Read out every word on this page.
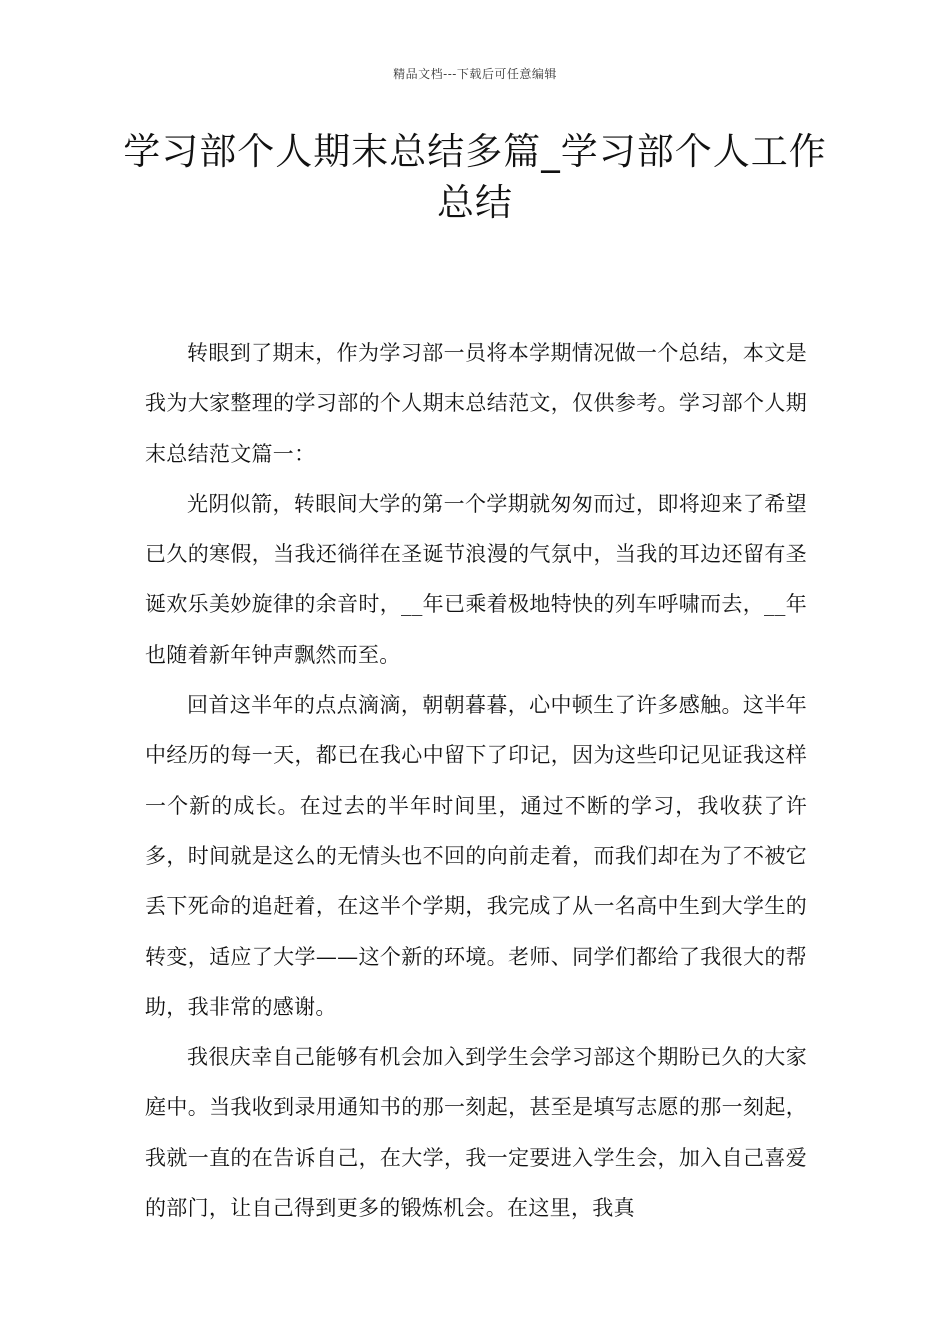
精品文档---下载后可任意编辑
学习部个人期末总结多篇_学习部个人工作总结

转眼到了期末，作为学习部一员将本学期情况做一个总结，本文是我为大家整理的学习部的个人期末总结范文，仅供参考。学习部个人期末总结范文篇一：

光阴似箭，转眼间大学的第一个学期就匆匆而过，即将迎来了希望已久的寒假，当我还徜徉在圣诞节浪漫的气氛中，当我的耳边还留有圣诞欢乐美妙旋律的余音时，__年已乘着极地特快的列车呼啸而去，__年也随着新年钟声飘然而至。

回首这半年的点点滴滴，朝朝暮暮，心中顿生了许多感触。这半年中经历的每一天，都已在我心中留下了印记，因为这些印记见证我这样一个新的成长。在过去的半年时间里，通过不断的学习，我收获了许多，时间就是这么的无情头也不回的向前走着，而我们却在为了不被它丢下死命的追赶着，在这半个学期，我完成了从一名高中生到大学生的转变，适应了大学——这个新的环境。老师、同学们都给了我很大的帮助，我非常的感谢。

我很庆幸自己能够有机会加入到学生会学习部这个期盼已久的大家庭中。当我收到录用通知书的那一刻起，甚至是填写志愿的那一刻起，我就一直的在告诉自己，在大学，我一定要进入学生会，加入自己喜爱的部门，让自己得到更多的锻炼机会。在这里，我真
